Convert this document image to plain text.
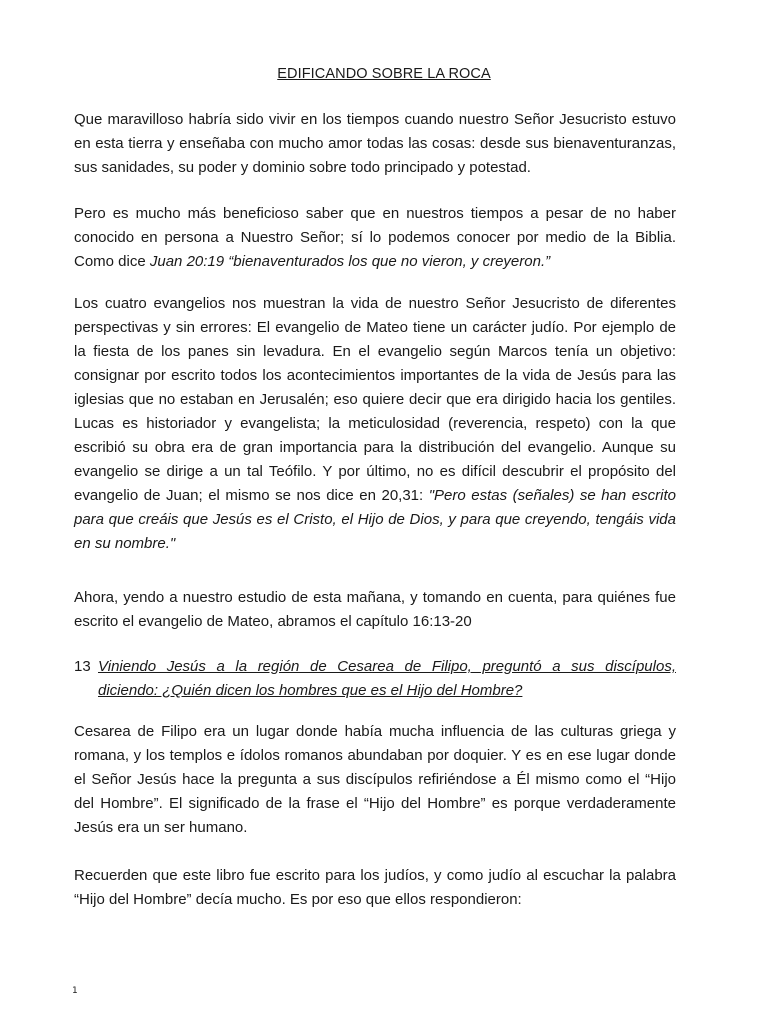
EDIFICANDO SOBRE LA ROCA

Que maravilloso habría sido vivir en los tiempos cuando nuestro Señor Jesucristo estuvo en esta tierra y enseñaba con mucho amor todas las cosas: desde sus bienaventuranzas, sus sanidades, su poder y dominio sobre todo principado y potestad.

Pero es mucho más beneficioso saber que en nuestros tiempos a pesar de no haber conocido en persona a Nuestro Señor; sí lo podemos conocer por medio de la Biblia. Como dice Juan 20:19 “bienaventurados los que no vieron, y creyeron.”

Los cuatro evangelios nos muestran la vida de nuestro Señor Jesucristo de diferentes perspectivas y sin errores: El evangelio de Mateo tiene un carácter judío. Por ejemplo de la fiesta de los panes sin levadura. En el evangelio según Marcos tenía un objetivo: consignar por escrito todos los acontecimientos importantes de la vida de Jesús para las iglesias que no estaban en Jerusalén; eso quiere decir que era dirigido hacia los gentiles. Lucas es historiador y evangelista; la meticulosidad (reverencia, respeto) con la que escribió su obra era de gran importancia para la distribución del evangelio. Aunque su evangelio se dirige a un tal Teófilo. Y por último, no es difícil descubrir el propósito del evangelio de Juan; el mismo se nos dice en 20,31: "Pero estas (señales) se han escrito para que creáis que Jesús es el Cristo, el Hijo de Dios, y para que creyendo, tengáis vida en su nombre."

Ahora, yendo a nuestro estudio de esta mañana, y tomando en cuenta, para quiénes fue escrito el evangelio de Mateo, abramos el capítulo 16:13-20

13 Viniendo Jesús a la región de Cesarea de Filipo, preguntó a sus discípulos,
diciendo: ¿Quién dicen los hombres que es el Hijo del Hombre?

Cesarea de Filipo era un lugar donde había mucha influencia de las culturas griega y romana, y los templos e ídolos romanos abundaban por doquier. Y es en ese lugar donde el Señor Jesús hace la pregunta a sus discípulos refiriéndose a Él mismo como el “Hijo del Hombre”. El significado de la frase el “Hijo del Hombre” es porque verdaderamente Jesús era un ser humano.

Recuerden que este libro fue escrito para los judíos, y como judío al escuchar la palabra “Hijo del Hombre” decía mucho. Es por eso que ellos respondieron:

1
